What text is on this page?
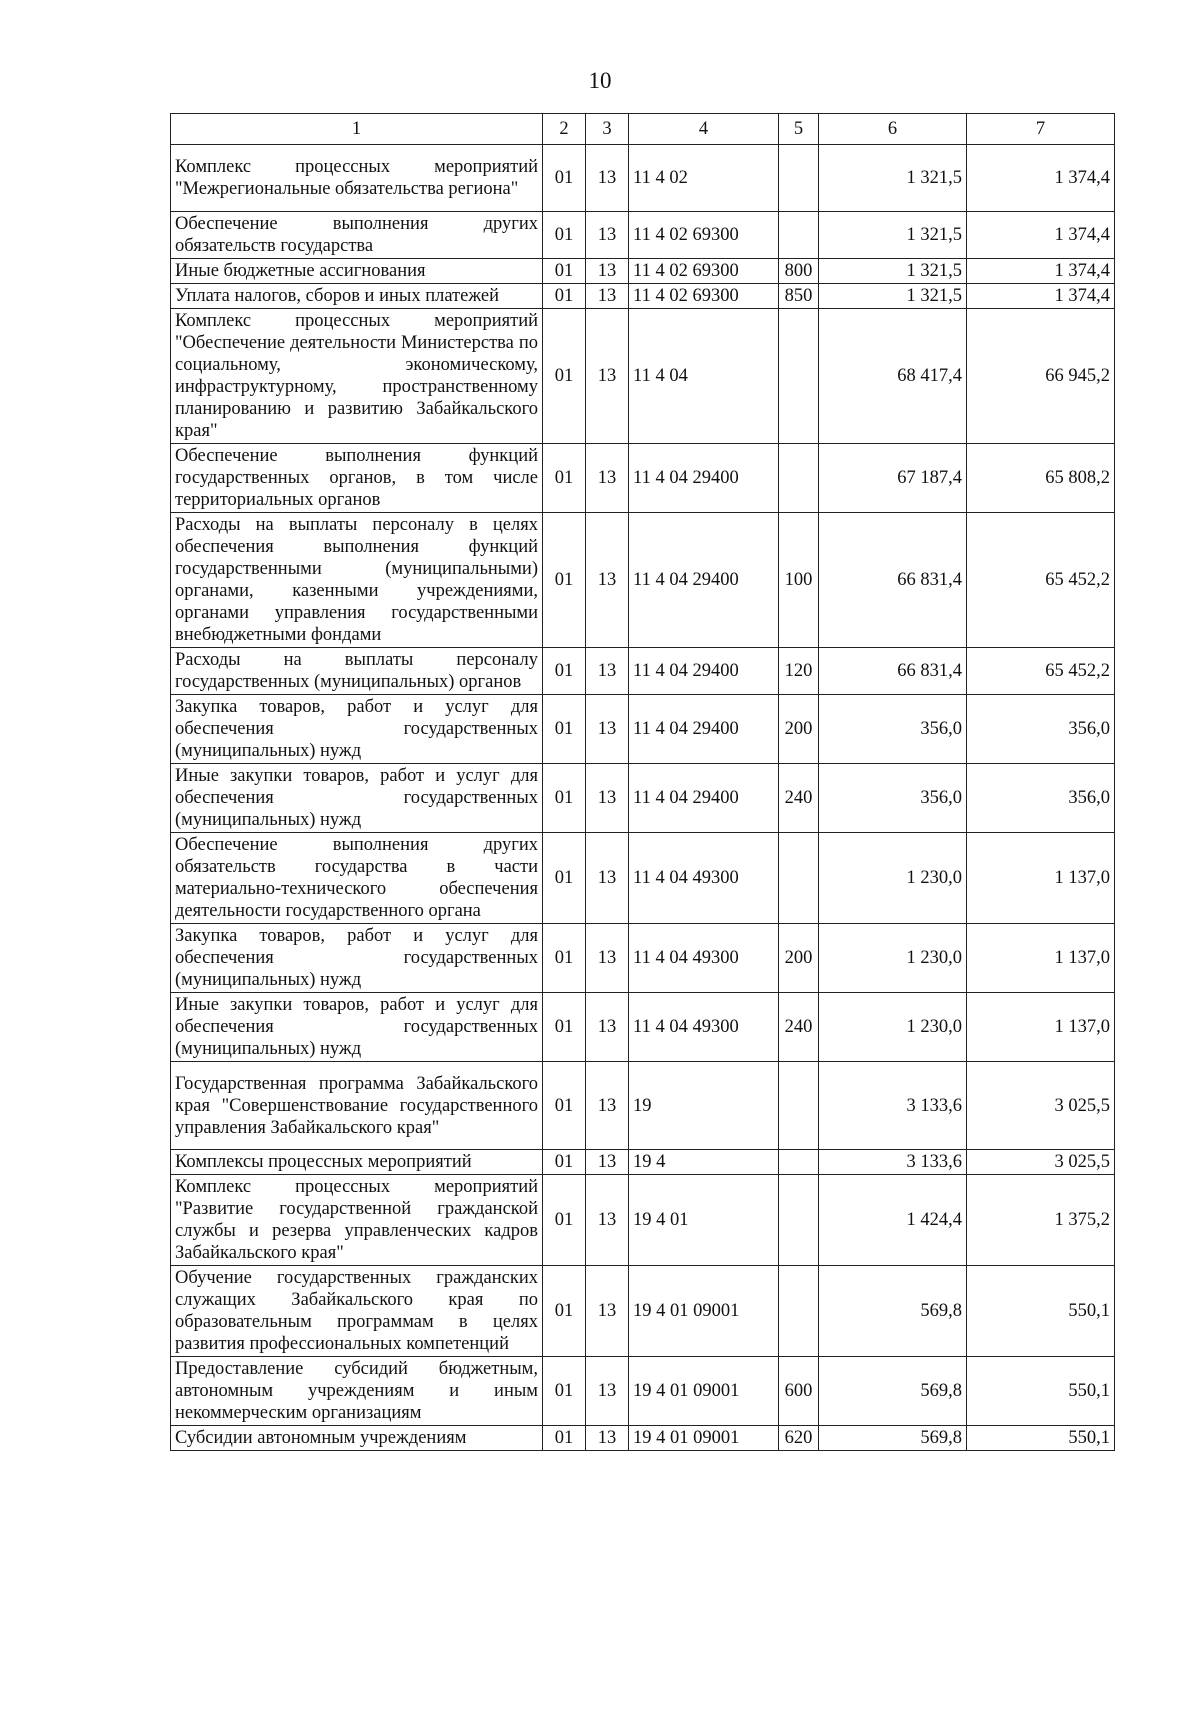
10
1	2	3	4	5	6	7
Комплекс процессных мероприятий "Межрегиональные обязательства региона"	01	13	11 4 02		1 321,5	1 374,4
Обеспечение выполнения других обязательств государства	01	13	11 4 02 69300		1 321,5	1 374,4
Иные бюджетные ассигнования	01	13	11 4 02 69300	800	1 321,5	1 374,4
Уплата налогов, сборов и иных платежей	01	13	11 4 02 69300	850	1 321,5	1 374,4
Комплекс процессных мероприятий "Обеспечение деятельности Министерства по социальному, экономическому, инфраструктурному, пространственному планированию и развитию Забайкальского края"	01	13	11 4 04		68 417,4	66 945,2
Обеспечение выполнения функций государственных органов, в том числе территориальных органов	01	13	11 4 04 29400		67 187,4	65 808,2
Расходы на выплаты персоналу в целях обеспечения выполнения функций государственными (муниципальными) органами, казенными учреждениями, органами управления государственными внебюджетными фондами	01	13	11 4 04 29400	100	66 831,4	65 452,2
Расходы на выплаты персоналу государственных (муниципальных) органов	01	13	11 4 04 29400	120	66 831,4	65 452,2
Закупка товаров, работ и услуг для обеспечения государственных (муниципальных) нужд	01	13	11 4 04 29400	200	356,0	356,0
Иные закупки товаров, работ и услуг для обеспечения государственных (муниципальных) нужд	01	13	11 4 04 29400	240	356,0	356,0
Обеспечение выполнения других обязательств государства в части материально-технического обеспечения деятельности государственного органа	01	13	11 4 04 49300		1 230,0	1 137,0
Закупка товаров, работ и услуг для обеспечения государственных (муниципальных) нужд	01	13	11 4 04 49300	200	1 230,0	1 137,0
Иные закупки товаров, работ и услуг для обеспечения государственных (муниципальных) нужд	01	13	11 4 04 49300	240	1 230,0	1 137,0
Государственная программа Забайкальского края "Совершенствование государственного управления Забайкальского края"	01	13	19		3 133,6	3 025,5
Комплексы процессных мероприятий	01	13	19 4		3 133,6	3 025,5
Комплекс процессных мероприятий "Развитие государственной гражданской службы и резерва управленческих кадров Забайкальского края"	01	13	19 4 01		1 424,4	1 375,2
Обучение государственных гражданских служащих Забайкальского края по образовательным программам в целях развития профессиональных компетенций	01	13	19 4 01 09001		569,8	550,1
Предоставление субсидий бюджетным, автономным учреждениям и иным некоммерческим организациям	01	13	19 4 01 09001	600	569,8	550,1
Субсидии автономным учреждениям	01	13	19 4 01 09001	620	569,8	550,1
